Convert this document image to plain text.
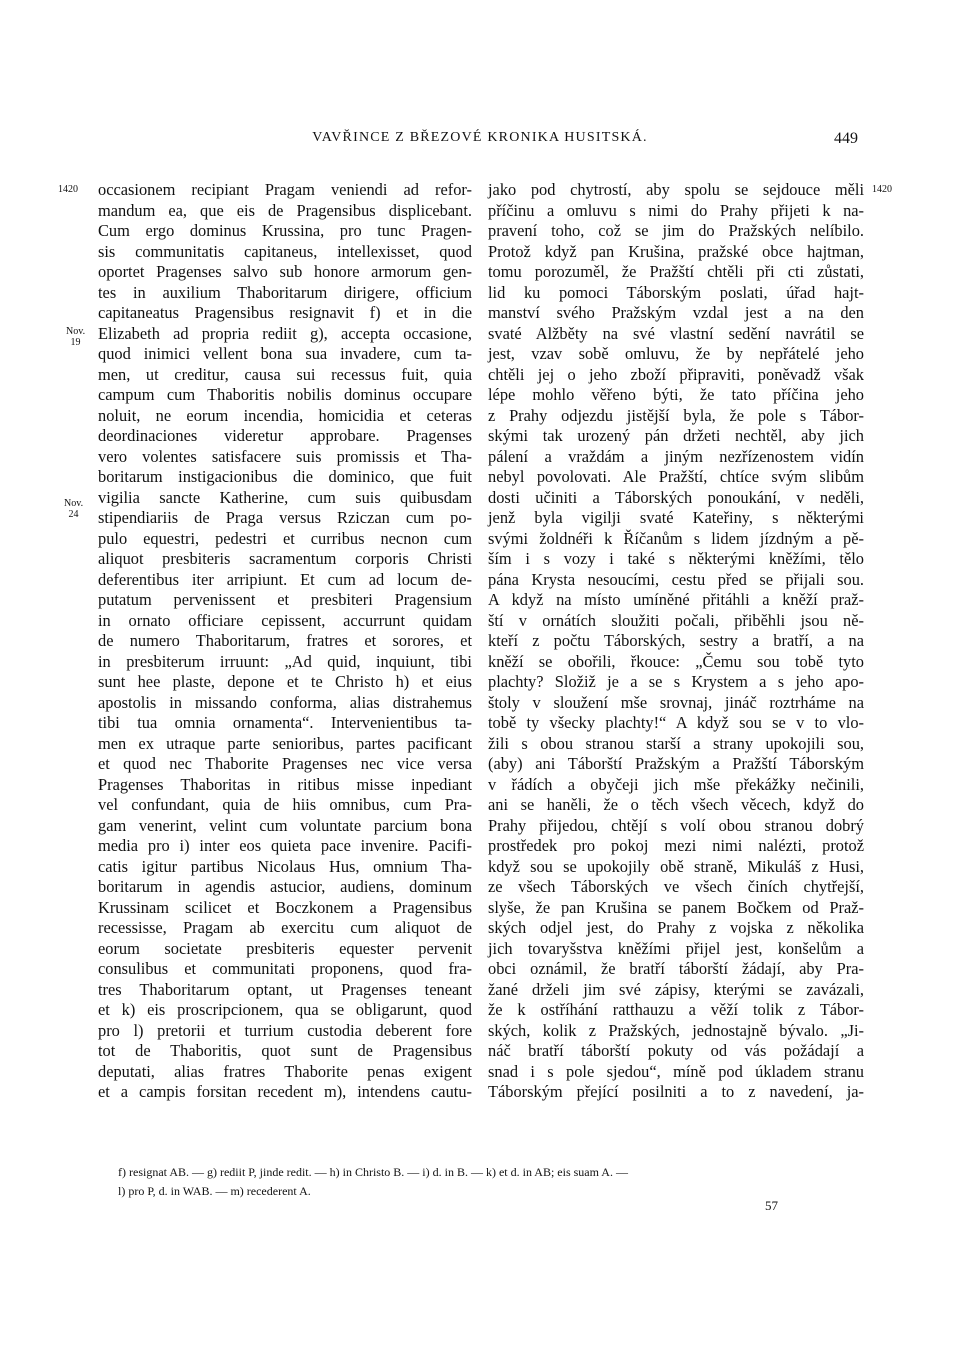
VAVŘINCE Z BŘEZOVÉ KRONIKA HUSITSKÁ.	449
1420	1420
Nov.
19
Nov.
24
occasionem recipiant Pragam veniendi ad refor-
mandum ea, que eis de Pragensibus displicebant.
Cum ergo dominus Krussina, pro tunc Pragen-
sis communitatis capitaneus, intellexisset, quod
oportet Pragenses salvo sub honore armorum gen-
tes in auxilium Thaboritarum dirigere, officium
capitaneatus Pragensibus resignavit f) et in die
Elizabeth ad propria rediit g), accepta occasione,
quod inimici vellent bona sua invadere, cum ta-
men, ut creditur, causa sui recessus fuit, quia
campum cum Thaboritis nobilis dominus occupare
noluit, ne eorum incendia, homicidia et ceteras
deordinaciones videretur approbare. Pragenses
vero volentes satisfacere suis promissis et Tha-
boritarum instigacionibus die dominico, que fuit
vigilia sancte Katherine, cum suis quibusdam
stipendiariis de Praga versus Rziczan cum po-
pulo equestri, pedestri et curribus necnon cum
aliquot presbiteris sacramentum corporis Christi
deferentibus iter arripiunt. Et cum ad locum de-
putatum pervenissent et presbiteri Pragensium
in ornato officiare cepissent, accurrunt quidam
de numero Thaboritarum, fratres et sorores, et
in presbiterum irruunt: „Ad quid, inquiunt, tibi
sunt hee plaste, depone et te Christo h) et eius
apostolis in missando conforma, alias distrahemus
tibi tua omnia ornamenta“. Intervenientibus ta-
men ex utraque parte senioribus, partes pacificant
et quod nec Thaborite Pragenses nec vice versa
Pragenses Thaboritas in ritibus misse inpediant
vel confundant, quia de hiis omnibus, cum Pra-
gam venerint, velint cum voluntate parcium bona
media pro i) inter eos quieta pace invenire. Pacifi-
catis igitur partibus Nicolaus Hus, omnium Tha-
boritarum in agendis astucior, audiens, dominum
Krussinam scilicet et Boczkonem a Pragensibus
recessisse, Pragam ab exercitu cum aliquot de
eorum societate presbiteris equester pervenit
consulibus et communitati proponens, quod fra-
tres Thaboritarum optant, ut Pragenses teneant
et k) eis proscripcionem, qua se obligarunt, quod
pro l) pretorii et turrium custodia deberent fore
tot de Thaboritis, quot sunt de Pragensibus
deputati, alias fratres Thaborite penas exigent
et a campis forsitan recedent m), intendens cautu-
jako pod chytrostí, aby spolu se sejdouce měli
příčinu a omluvu s nimi do Prahy přijeti k na-
pravení toho, což se jim do Pražských nelíbilo.
Protož když pan Krušina, pražské obce hajtman,
tomu porozuměl, že Pražští chtěli při cti zůstati,
lid ku pomoci Táborským poslati, úřad hajt-
manství svého Pražským vzdal jest a na den
svaté Alžběty na své vlastní sedění navrátil se
jest, vzav sobě omluvu, že by nepřátelé jeho
chtěli jej o jeho zboží připraviti, poněvadž však
lépe mohlo věřeno býti, že tato příčina jeho
z Prahy odjezdu jistější byla, že pole s Tábor-
skými tak urozený pán držeti nechtěl, aby jich
pálení a vraždám a jiným nezřízenostem vidín
nebyl povolovati. Ale Pražští, chtíce svým slibům
dosti učiniti a Táborských ponoukání, v neděli,
jenž byla vigilji svaté Kateřiny, s některými
svými žoldnéři k Říčanům s lidem jízdným a pě-
ším i s vozy i také s některými kněžími, tělo
pána Krysta nesoucími, cestu před se přijali sou.
A když na místo umíněné přitáhli a kněží praž-
ští v ornátích sloužiti počali, přiběhli jsou ně-
kteří z počtu Táborských, sestry a bratří, a na
kněží se obořili, řkouce: „Čemu sou tobě tyto
plachty? Složiž je a se s Krystem a s jeho apo-
štoly v sloužení mše srovnaj, jináč roztrháme na
tobě ty všecky plachty!“ A když sou se v to vlo-
žili s obou stranou starší a strany upokojili sou,
(aby) ani Táborští Pražským a Pražští Táborským
v řádích a obyčeji jich mše překážky nečinili,
ani se haněli, že o těch všech věcech, když do
Prahy přijedou, chtějí s volí obou stranou dobrý
prostředek pro pokoj mezi nimi nalézti, protož
když sou se upokojily obě straně, Mikuláš z Husi,
ze všech Táborských ve všech činích chytřejší,
slyše, že pan Krušina se panem Bočkem od Praž-
ských odjel jest, do Prahy z vojska z několika
jich tovaryšstva kněžími přijel jest, konšelům a
obci oznámil, že bratří táborští žádají, aby Pra-
žané drželi jim své zápisy, kterými se zavázali,
že k ostříhání ratthauzu a věží tolik z Tábor-
ských, kolik z Pražských, jednostajně bývalo. „Ji-
náč bratří táborští pokuty od vás požádají a
snad i s pole sjedou“, míně pod úkladem stranu
Táborským přející posilniti a to z navedení, ja-
f) resignat AB. — g) rediit P, jinde redit. — h) in Christo B. — i) d. in B. — k) et d. in AB; eis suam A. —
l) pro P, d. in WAB. — m) recederent A.
57
